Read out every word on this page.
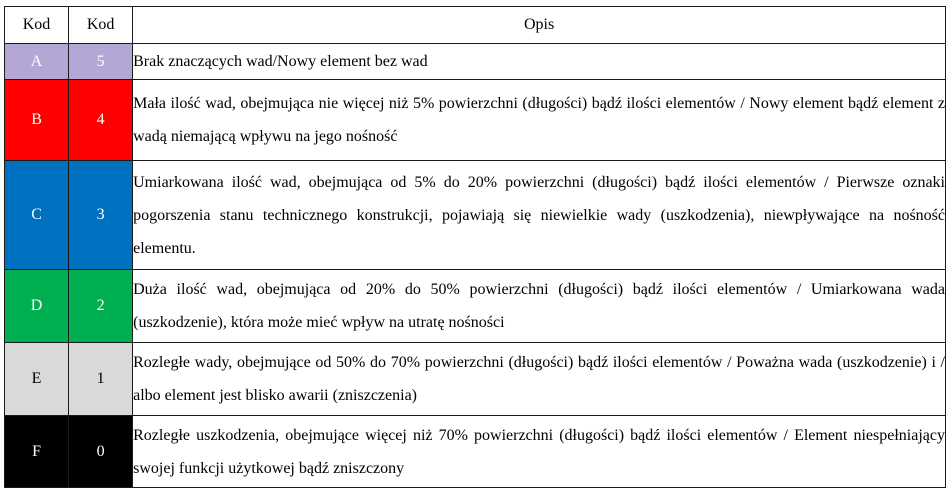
Kod	Kod	Opis
A	5	Brak znaczących wad/Nowy element bez wad
B	4	Mała ilość wad, obejmująca nie więcej niż 5% powierzchni (długości) bądź ilości elementów / Nowy element bądź element z wadą niemającą wpływu na jego nośność
C	3	Umiarkowana ilość wad, obejmująca od 5% do 20% powierzchni (długości) bądź ilości elementów / Pierwsze oznaki pogorszenia stanu technicznego konstrukcji, pojawiają się niewielkie wady (uszkodzenia), niewpływające na nośność elementu.
D	2	Duża ilość wad, obejmująca od 20% do 50% powierzchni (długości) bądź ilości elementów / Umiarkowana wada (uszkodzenie), która może mieć wpływ na utratę nośności
E	1	Rozległe wady, obejmujące od 50% do 70% powierzchni (długości) bądź ilości elementów / Poważna wada (uszkodzenie) i / albo element jest blisko awarii (zniszczenia)
F	0	Rozległe uszkodzenia, obejmujące więcej niż 70% powierzchni (długości) bądź ilości elementów / Element niespełniający swojej funkcji użytkowej bądź zniszczony
